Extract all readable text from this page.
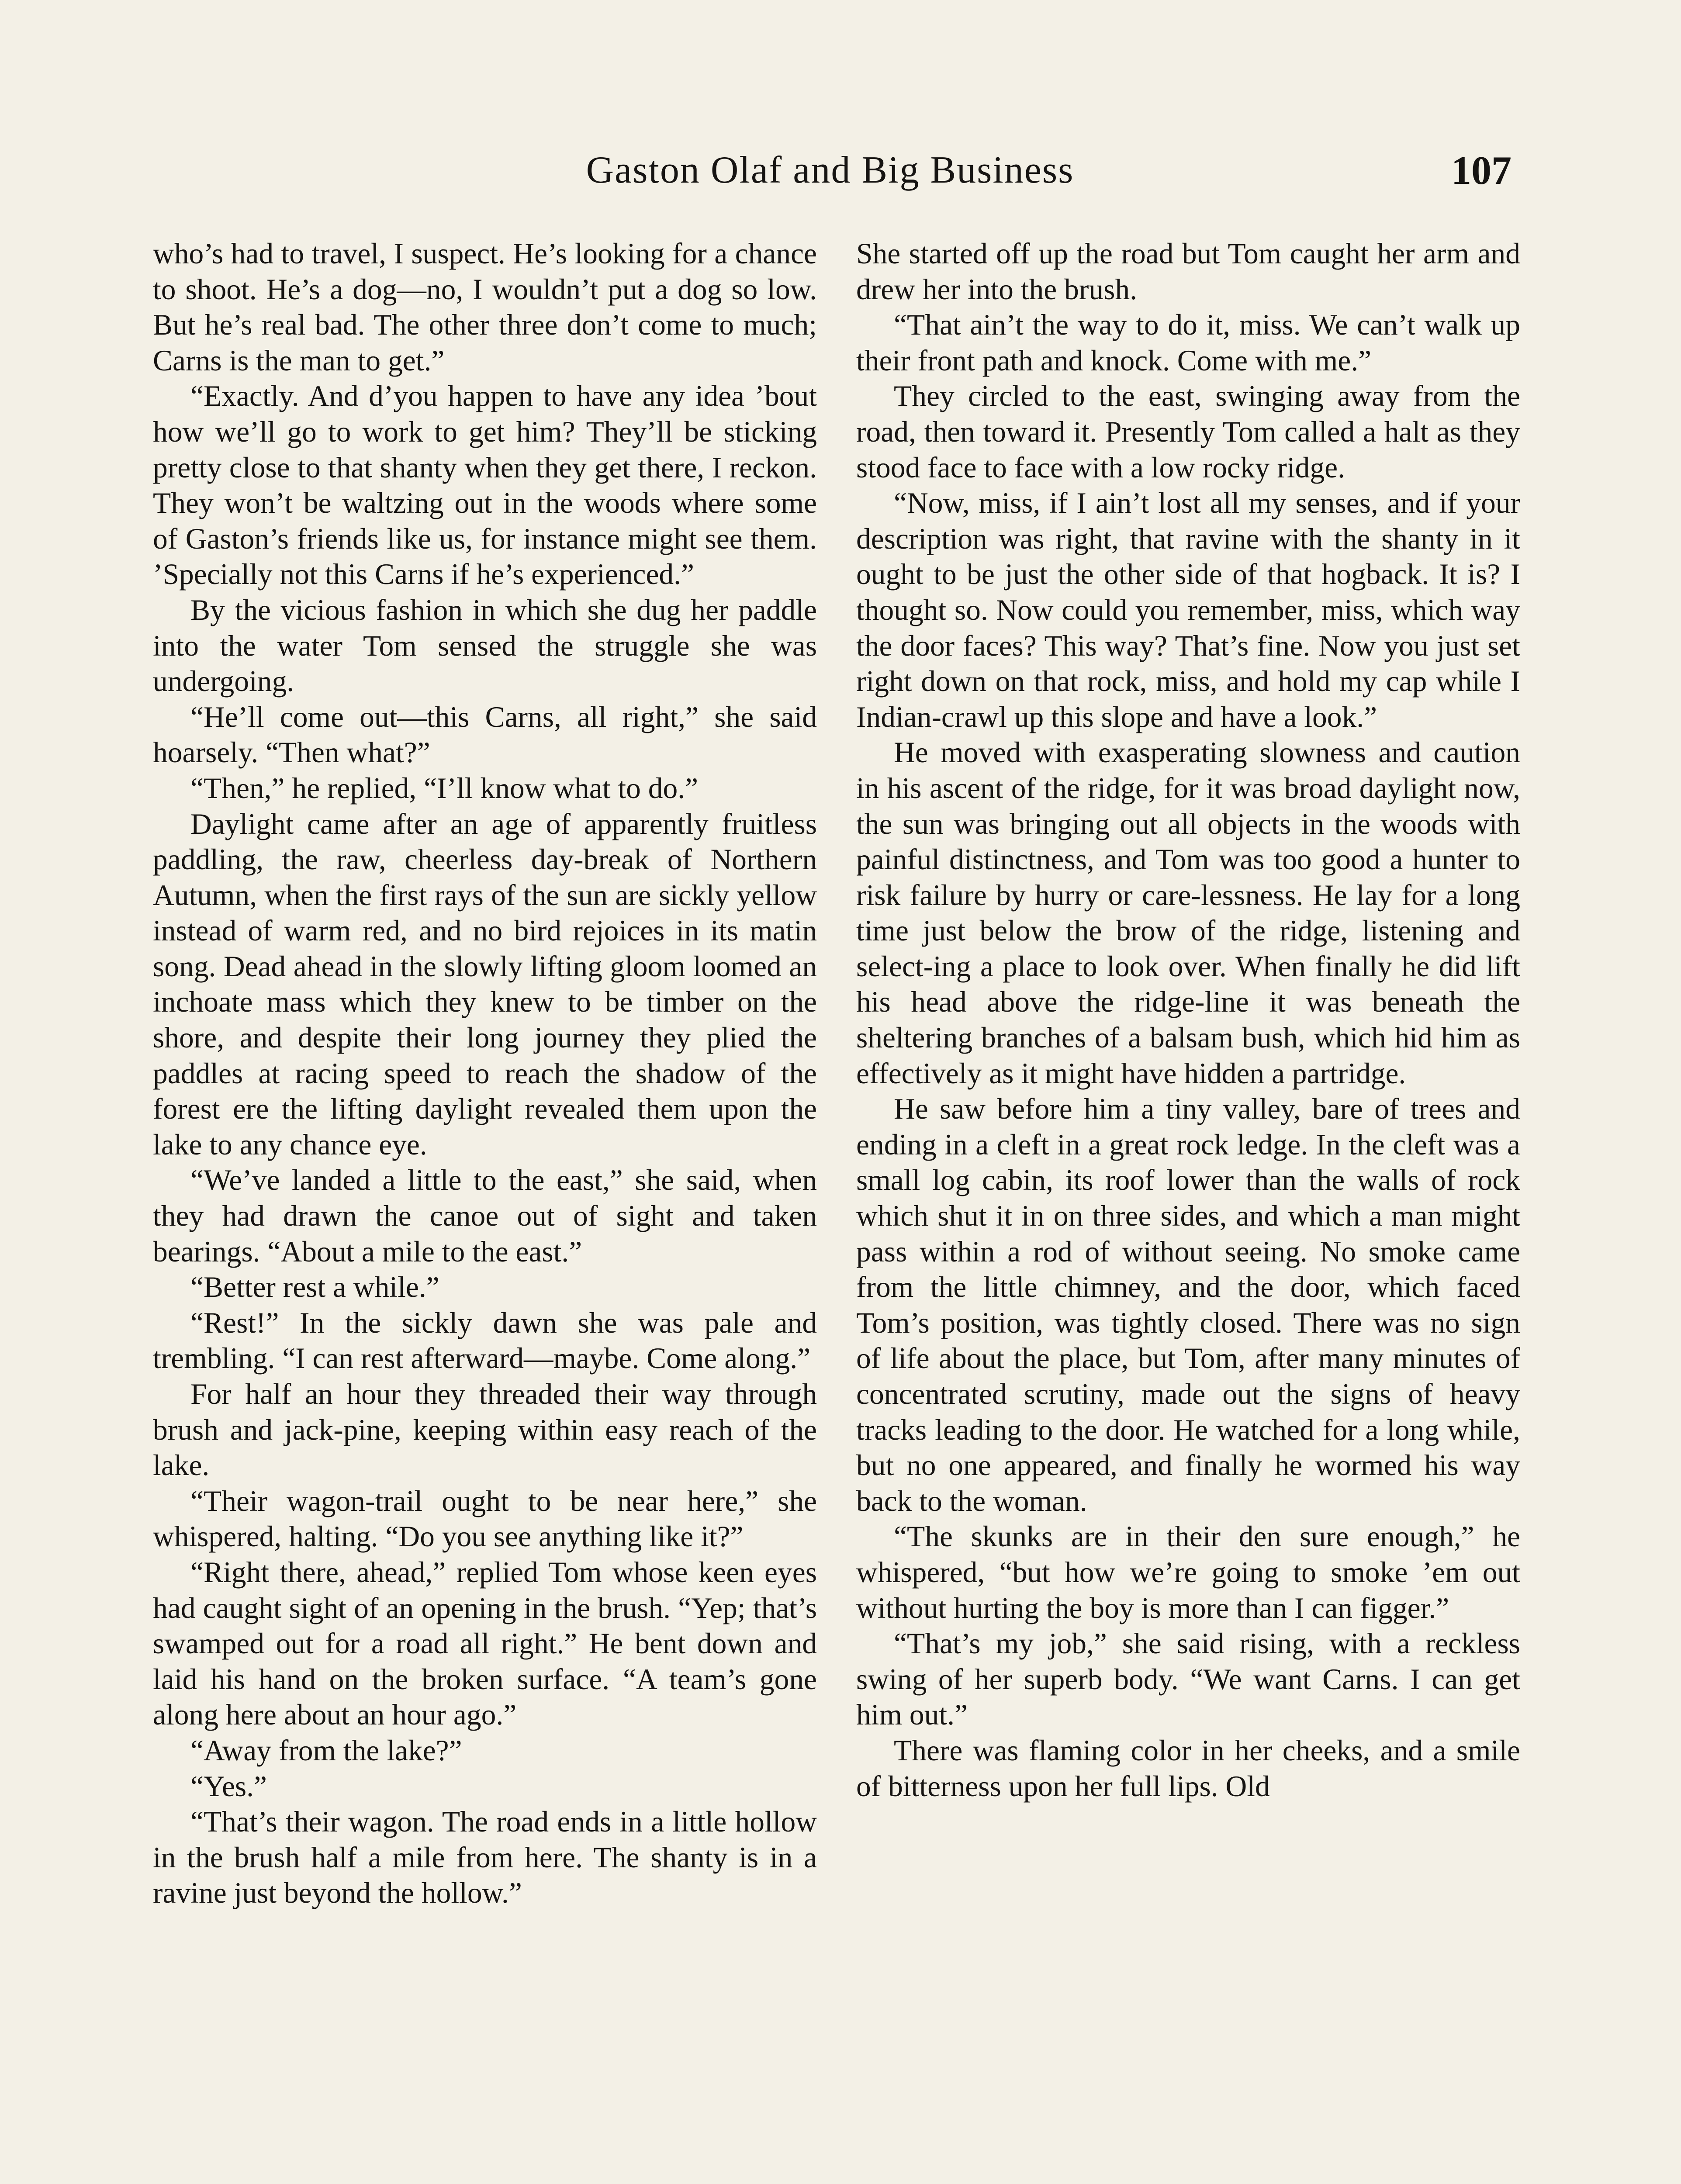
Gaston Olaf and Big Business	107

who’s had to travel, I suspect. He’s looking for a chance to shoot. He’s a dog—no, I wouldn’t put a dog so low. But he’s real bad. The other three don’t come to much; Carns is the man to get.”

“Exactly. And d’you happen to have any idea ’bout how we’ll go to work to get him? They’ll be sticking pretty close to that shanty when they get there, I reckon. They won’t be waltzing out in the woods where some of Gaston’s friends like us, for instance might see them. ’Specially not this Carns if he’s experienced.”

By the vicious fashion in which she dug her paddle into the water Tom sensed the struggle she was undergoing.

“He’ll come out—this Carns, all right,” she said hoarsely. “Then what?”

“Then,” he replied, “I’ll know what to do.”

Daylight came after an age of apparently fruitless paddling, the raw, cheerless day-break of Northern Autumn, when the first rays of the sun are sickly yellow instead of warm red, and no bird rejoices in its matin song. Dead ahead in the slowly lifting gloom loomed an inchoate mass which they knew to be timber on the shore, and despite their long journey they plied the paddles at racing speed to reach the shadow of the forest ere the lifting daylight revealed them upon the lake to any chance eye.

“We’ve landed a little to the east,” she said, when they had drawn the canoe out of sight and taken bearings. “About a mile to the east.”

“Better rest a while.”

“Rest!” In the sickly dawn she was pale and trembling. “I can rest afterward—maybe. Come along.”

For half an hour they threaded their way through brush and jack-pine, keeping within easy reach of the lake.

“Their wagon-trail ought to be near here,” she whispered, halting. “Do you see anything like it?”

“Right there, ahead,” replied Tom whose keen eyes had caught sight of an opening in the brush. “Yep; that’s swamped out for a road all right.” He bent down and laid his hand on the broken surface. “A team’s gone along here about an hour ago.”

“Away from the lake?”

“Yes.”

“That’s their wagon. The road ends in a little hollow in the brush half a mile from here. The shanty is in a ravine just beyond the hollow.”

She started off up the road but Tom caught her arm and drew her into the brush.

“That ain’t the way to do it, miss. We can’t walk up their front path and knock. Come with me.”

They circled to the east, swinging away from the road, then toward it. Presently Tom called a halt as they stood face to face with a low rocky ridge.

“Now, miss, if I ain’t lost all my senses, and if your description was right, that ravine with the shanty in it ought to be just the other side of that hogback. It is? I thought so. Now could you remember, miss, which way the door faces? This way? That’s fine. Now you just set right down on that rock, miss, and hold my cap while I Indian-crawl up this slope and have a look.”

He moved with exasperating slowness and caution in his ascent of the ridge, for it was broad daylight now, the sun was bringing out all objects in the woods with painful distinctness, and Tom was too good a hunter to risk failure by hurry or care-lessness. He lay for a long time just below the brow of the ridge, listening and select-ing a place to look over. When finally he did lift his head above the ridge-line it was beneath the sheltering branches of a balsam bush, which hid him as effectively as it might have hidden a partridge.

He saw before him a tiny valley, bare of trees and ending in a cleft in a great rock ledge. In the cleft was a small log cabin, its roof lower than the walls of rock which shut it in on three sides, and which a man might pass within a rod of without seeing. No smoke came from the little chimney, and the door, which faced Tom’s position, was tightly closed. There was no sign of life about the place, but Tom, after many minutes of concentrated scrutiny, made out the signs of heavy tracks leading to the door. He watched for a long while, but no one appeared, and finally he wormed his way back to the woman.

“The skunks are in their den sure enough,” he whispered, “but how we’re going to smoke ’em out without hurting the boy is more than I can figger.”

“That’s my job,” she said rising, with a reckless swing of her superb body. “We want Carns. I can get him out.”

There was flaming color in her cheeks, and a smile of bitterness upon her full lips. Old
